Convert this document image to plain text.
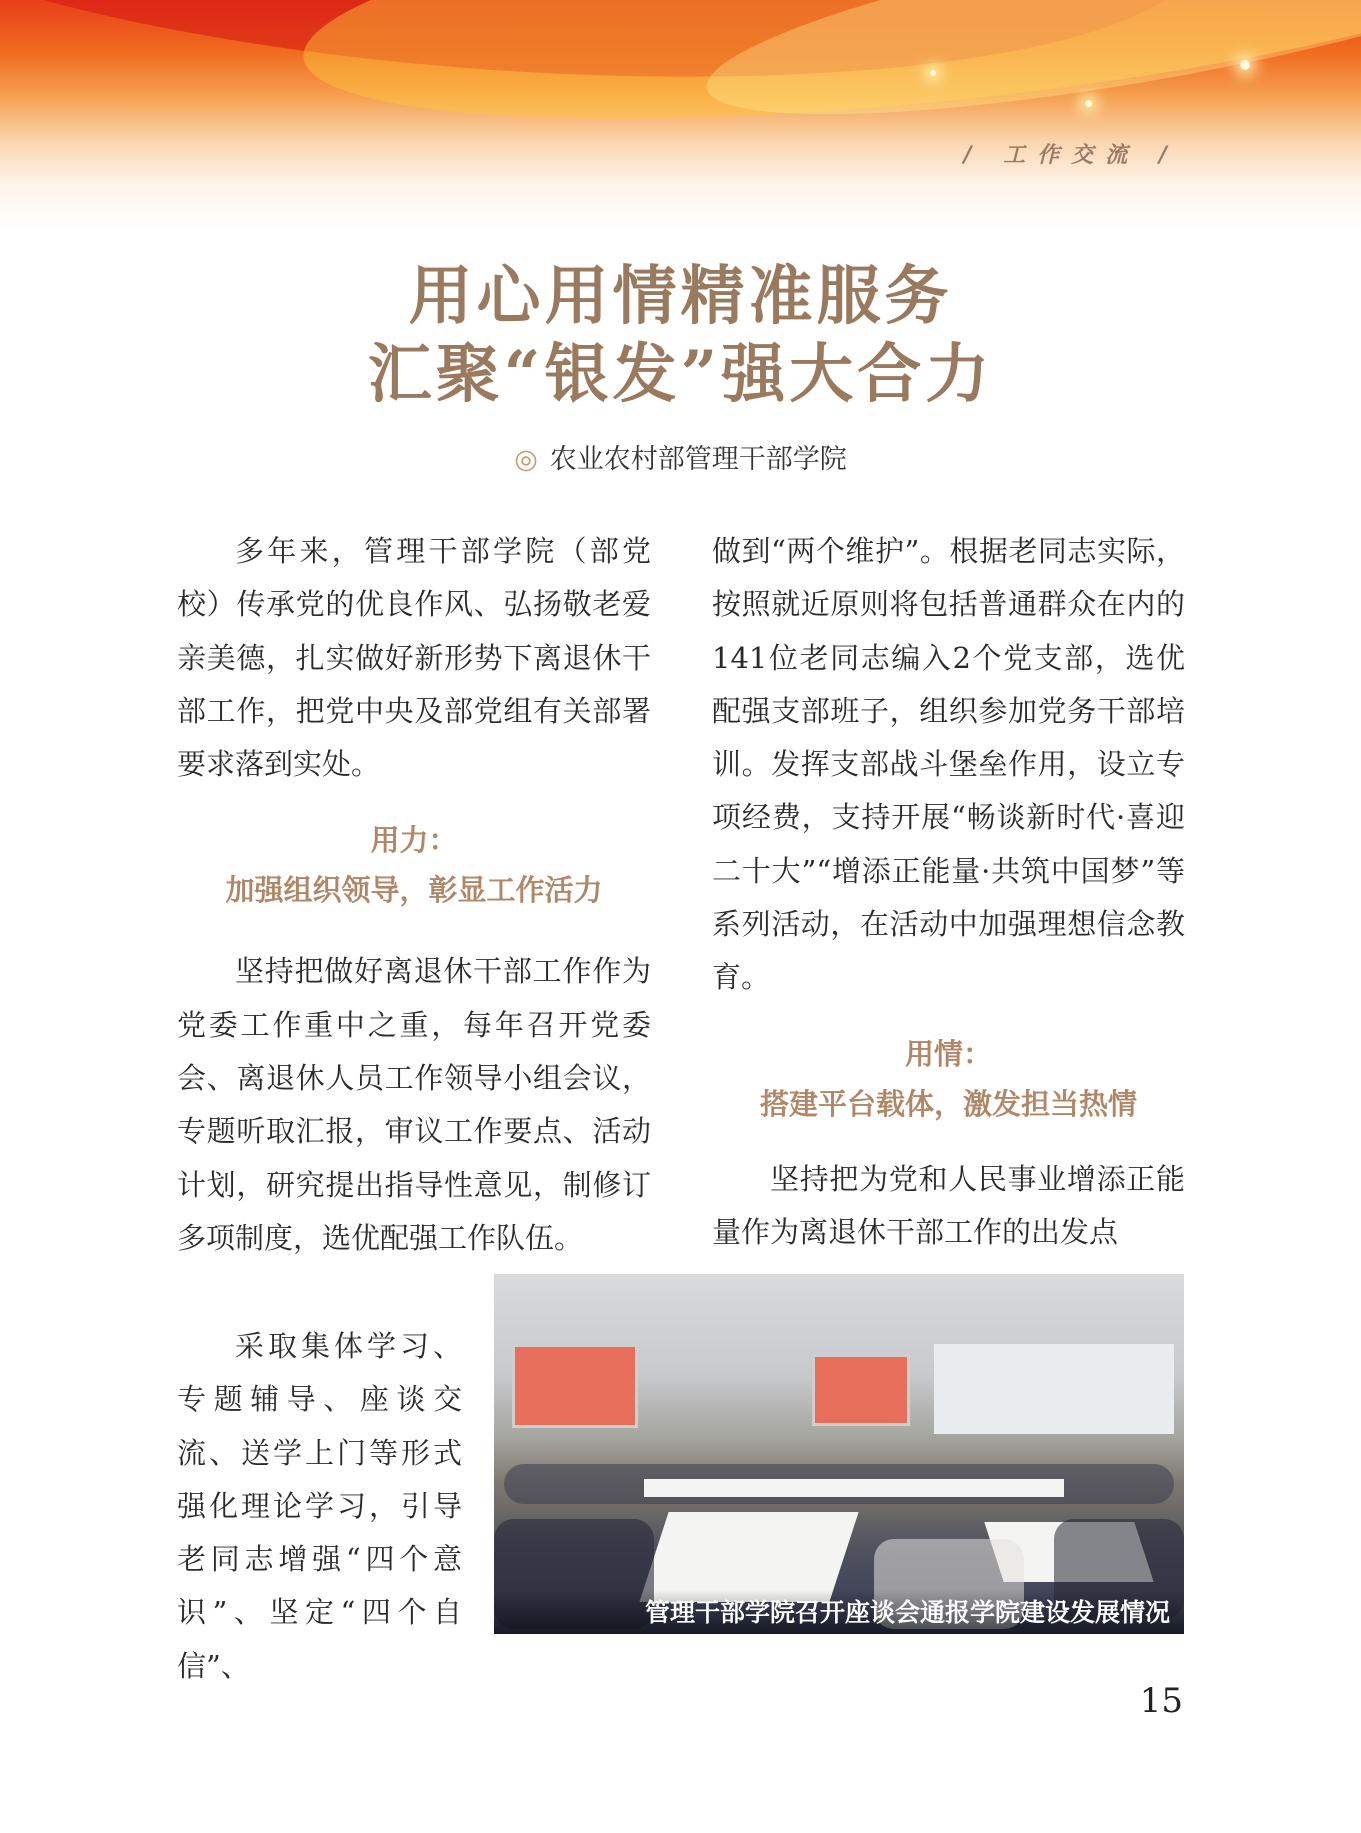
/ 工作交流 /
用心用情精准服务
汇聚“银发”强大合力
◎ 农业农村部管理干部学院

多年来，管理干部学院（部党校）传承党的优良作风、弘扬敬老爱亲美德，扎实做好新形势下离退休干部工作，把党中央及部党组有关部署要求落到实处。

用力：
加强组织领导，彰显工作活力

坚持把做好离退休干部工作作为党委工作重中之重，每年召开党委会、离退休人员工作领导小组会议，专题听取汇报，审议工作要点、活动计划，研究提出指导性意见，制修订多项制度，选优配强工作队伍。

采取集体学习、专题辅导、座谈交流、送学上门等形式强化理论学习，引导老同志增强“四个意识”、坚定“四个自信”、

做到“两个维护”。根据老同志实际，按照就近原则将包括普通群众在内的141位老同志编入2个党支部，选优配强支部班子，组织参加党务干部培训。发挥支部战斗堡垒作用，设立专项经费，支持开展“畅谈新时代·喜迎二十大”“增添正能量·共筑中国梦”等系列活动，在活动中加强理想信念教育。

用情：
搭建平台载体，激发担当热情

坚持把为党和人民事业增添正能量作为离退休干部工作的出发点

管理干部学院召开座谈会通报学院建设发展情况
15
